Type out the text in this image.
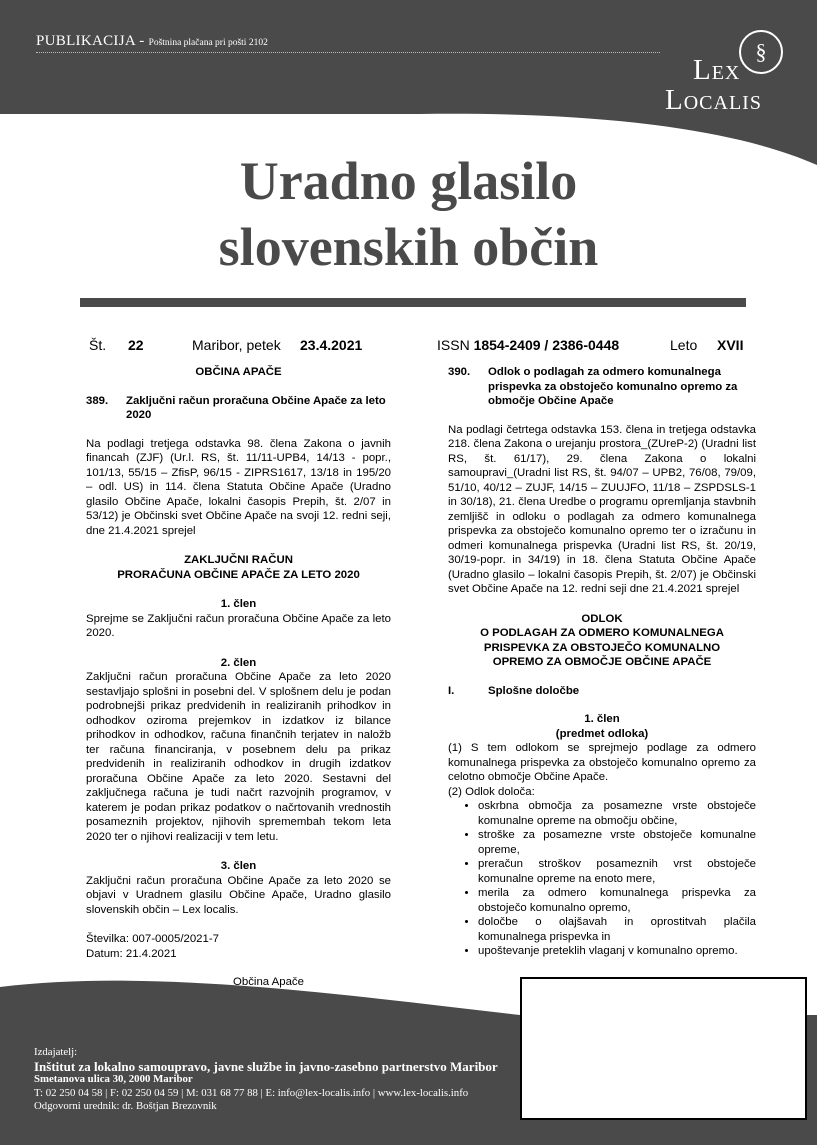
PUBLIKACIJA - Poštnina plačana pri pošti 2102	§
Lex
Localis
Uradno glasilo
slovenskih občin
Št. 22	Maribor, petek 23.4.2021	ISSN 1854-2409 / 2386-0448	Leto XVII
OBČINA APAČE
389.	Zaključni račun proračuna Občine Apače za leto 2020

Na podlagi tretjega odstavka 98. člena Zakona o javnih financah (ZJF) (Ur.l. RS, št. 11/11-UPB4, 14/13 - popr., 101/13, 55/15 – ZfisP, 96/15 - ZIPRS1617, 13/18 in 195/20 – odl. US) in 114. člena Statuta Občine Apače (Uradno glasilo Občine Apače, lokalni časopis Prepih, št. 2/07 in 53/12) je Občinski svet Občine Apače na svoji 12. redni seji, dne 21.4.2021 sprejel

ZAKLJUČNI RAČUN
PRORAČUNA OBČINE APAČE ZA LETO 2020
1. člen

Sprejme se Zaključni račun proračuna Občine Apače za leto 2020.

2. člen

Zaključni račun proračuna Občine Apače za leto 2020 sestavljajo splošni in posebni del. V splošnem delu je podan podrobnejši prikaz predvidenih in realiziranih prihodkov in odhodkov oziroma prejemkov in izdatkov iz bilance prihodkov in odhodkov, računa finančnih terjatev in naložb ter računa financiranja, v posebnem delu pa prikaz predvidenih in realiziranih odhodkov in drugih izdatkov proračuna Občine Apače za leto 2020. Sestavni del zaključnega računa je tudi načrt razvojnih programov, v katerem je podan prikaz podatkov o načrtovanih vrednostih posameznih projektov, njihovih spremembah tekom leta 2020 ter o njihovi realizaciji v tem letu.

3. člen

Zaključni račun proračuna Občine Apače za leto 2020 se objavi v Uradnem glasilu Občine Apače, Uradno glasilo slovenskih občin – Lex localis.

Številka: 007-0005/2021-7
Datum: 21.4.2021
Občina Apače
390.	Odlok o podlagah za odmero komunalnega prispevka za obstoječo komunalno opremo za območje Občine Apače

Na podlagi četrtega odstavka 153. člena in tretjega odstavka 218. člena Zakona o urejanju prostora_(ZUreP-2) (Uradni list RS, št. 61/17), 29. člena Zakona o lokalni samoupravi_(Uradni list RS, št. 94/07 – UPB2, 76/08, 79/09, 51/10, 40/12 – ZUJF, 14/15 – ZUUJFO, 11/18 – ZSPDSLS-1 in 30/18), 21. člena Uredbe o programu opremljanja stavbnih zemljišč in odloku o podlagah za odmero komunalnega prispevka za obstoječo komunalno opremo ter o izračunu in odmeri komunalnega prispevka (Uradni list RS, št. 20/19, 30/19-popr. in 34/19) in 18. člena Statuta Občine Apače (Uradno glasilo – lokalni časopis Prepih, št. 2/07) je Občinski svet Občine Apače na 12. redni seji dne 21.4.2021 sprejel

ODLOK
O PODLAGAH ZA ODMERO KOMUNALNEGA
PRISPEVKA ZA OBSTOJEČO KOMUNALNO
OPREMO ZA OBMOČJE OBČINE APAČE
I.	Splošne določbe
1. člen
(predmet odloka)

(1) S tem odlokom se sprejmejo podlage za odmero komunalnega prispevka za obstoječo komunalno opremo za celotno območje Občine Apače.

(2) Odlok določa:

• oskrbna območja za posamezne vrste obstoječe komunalne opreme na območju občine,
• stroške za posamezne vrste obstoječe komunalne opreme,
• preračun stroškov posameznih vrst obstoječe komunalne opreme na enoto mere,
• merila za odmero komunalnega prispevka za obstoječo komunalno opremo,
• določbe o olajšavah in oprostitvah plačila komunalnega prispevka in
• upoštevanje preteklih vlaganj v komunalno opremo.
Izdajatelj:
Inštitut za lokalno samoupravo, javne službe in javno-zasebno partnerstvo Maribor
Smetanova ulica 30, 2000 Maribor
T: 02 250 04 58 | F: 02 250 04 59 | M: 031 68 77 88 | E: info@lex-localis.info | www.lex-localis.info
Odgovorni urednik: dr. Boštjan Brezovnik
